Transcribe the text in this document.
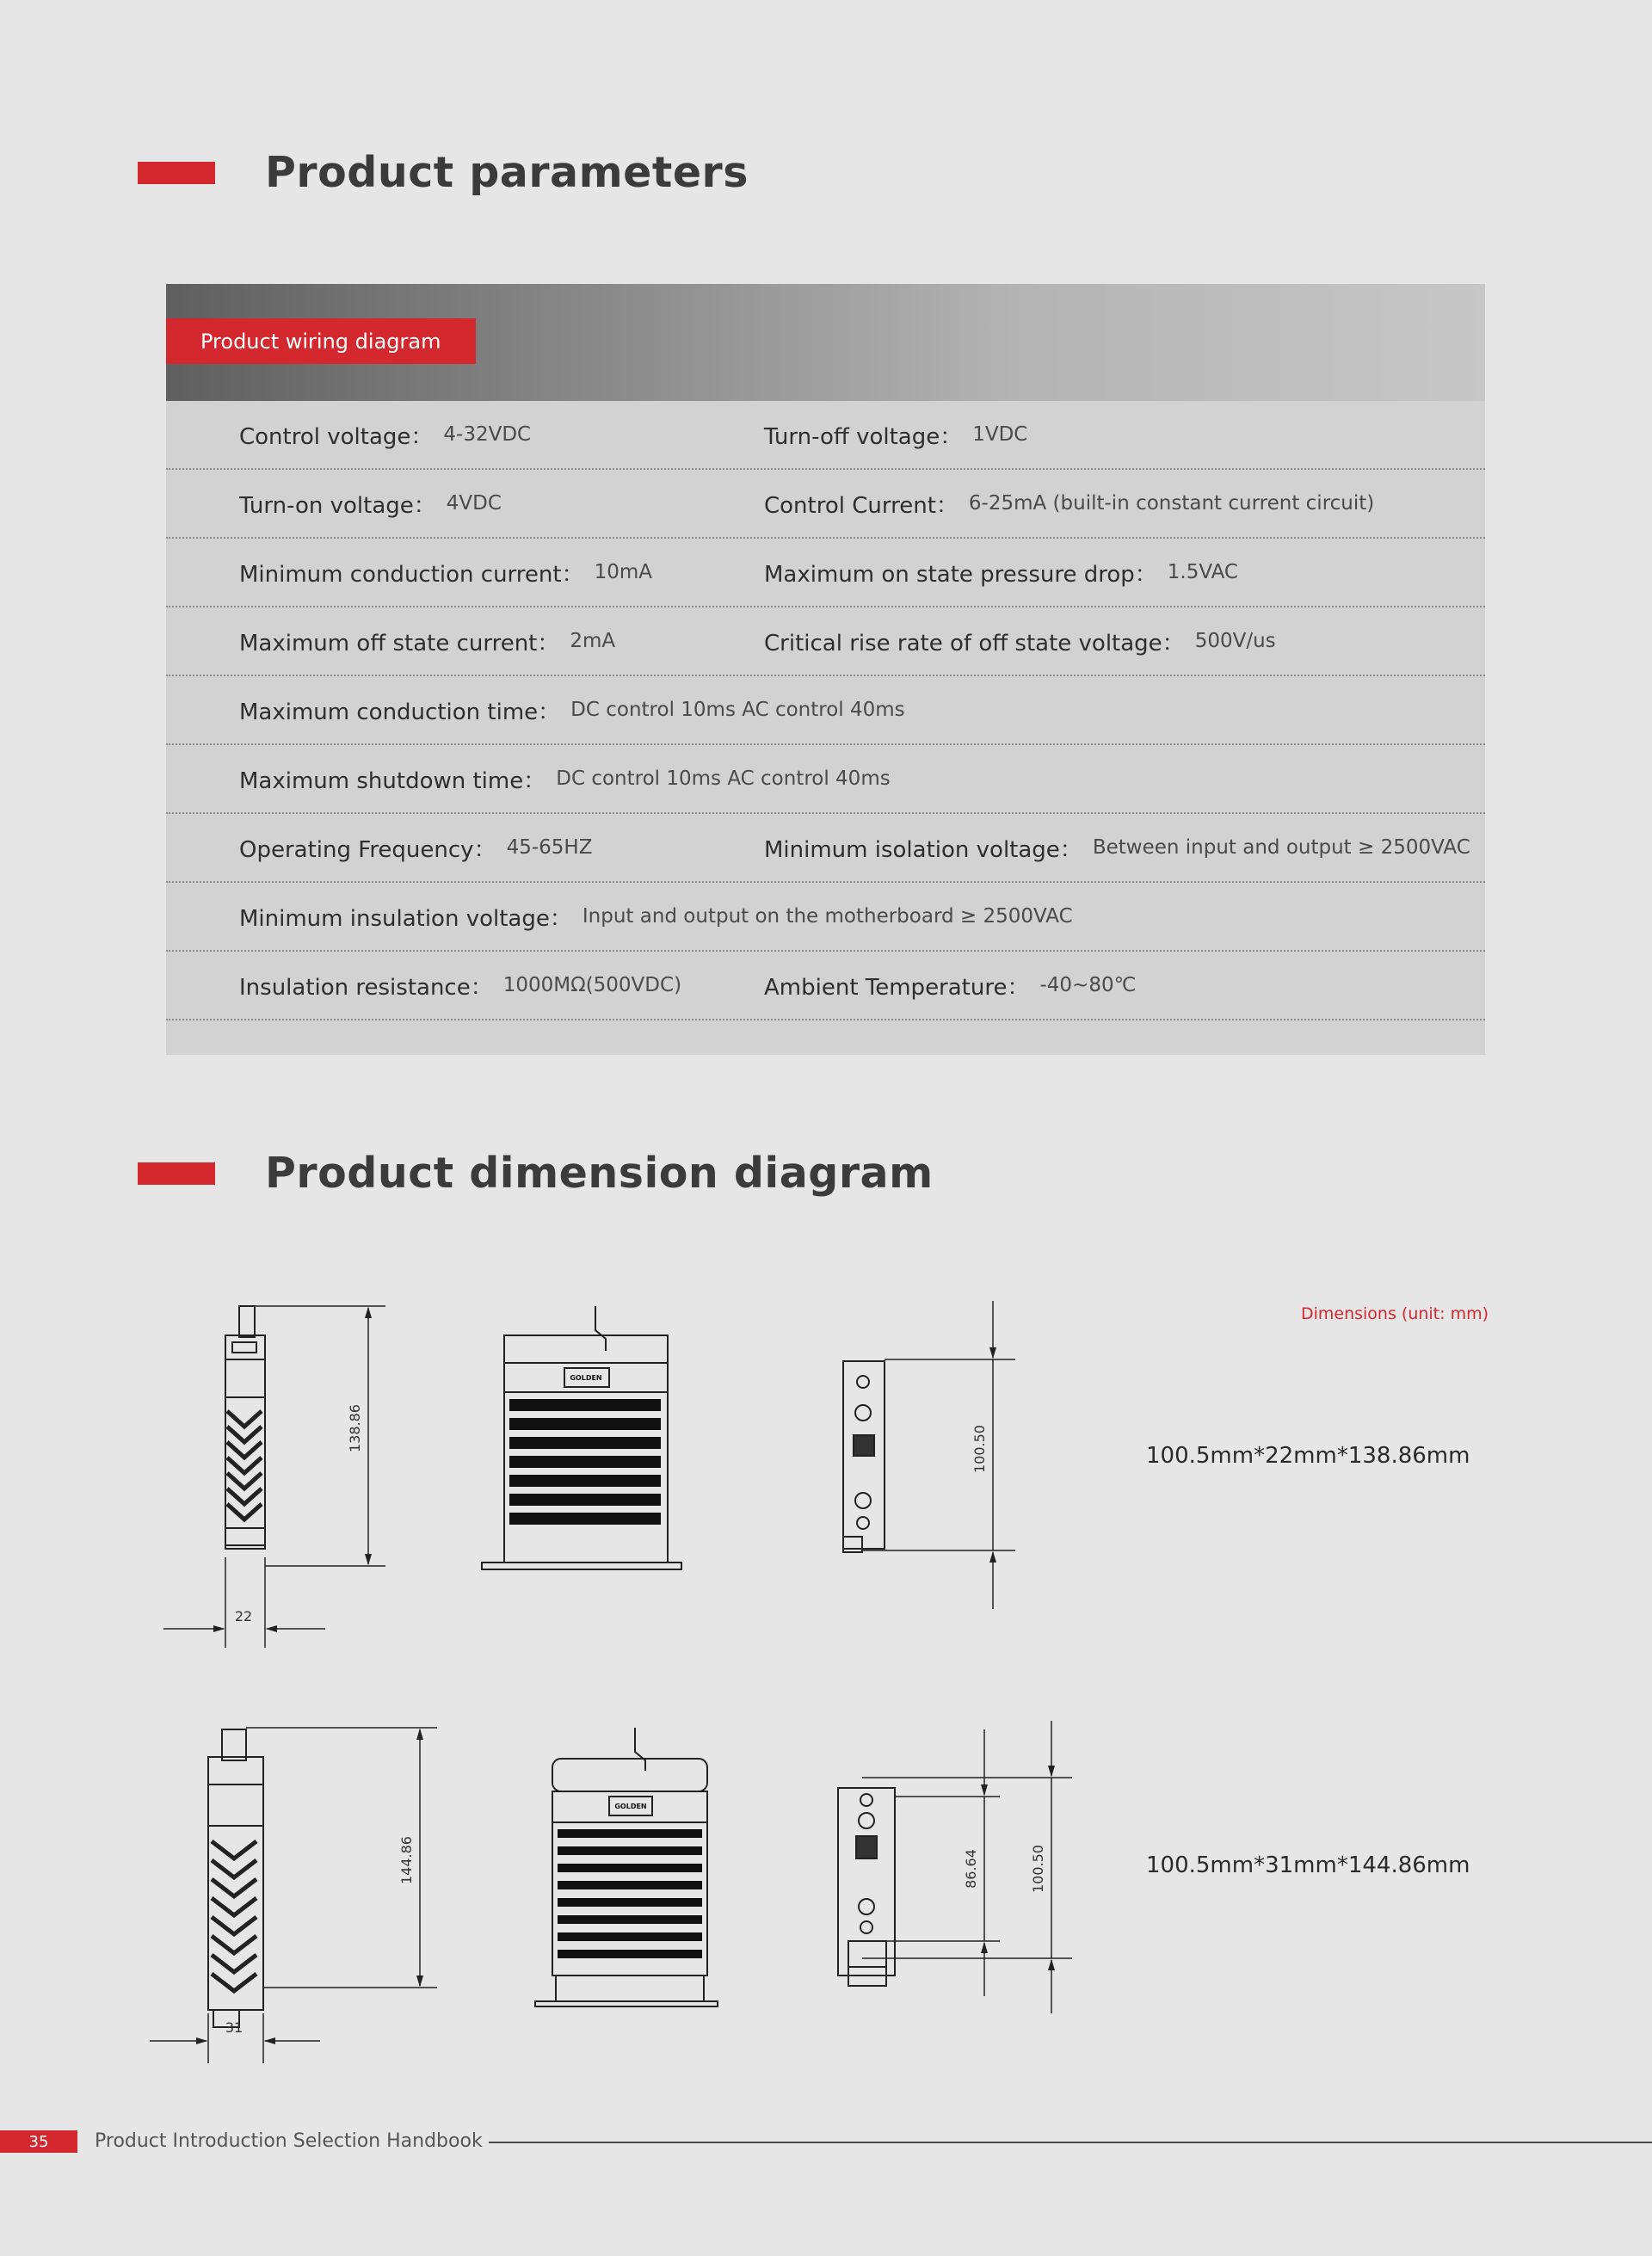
Product parameters
Product wiring diagram
Control voltage： 4-32VDC	Turn-off voltage： 1VDC
Turn-on voltage： 4VDC	Control Current： 6-25mA (built-in constant current circuit)
Minimum conduction current： 10mA	Maximum on state pressure drop： 1.5VAC
Maximum off state current： 2mA	Critical rise rate of off state voltage： 500V/us
Maximum conduction time： DC control 10ms AC control 40ms
Maximum shutdown time： DC control 10ms AC control 40ms
Operating Frequency： 45-65HZ	Minimum isolation voltage： Between input and output ≥ 2500VAC
Minimum insulation voltage： Input and output on the motherboard ≥ 2500VAC
Insulation resistance： 1000MΩ(500VDC)	Ambient Temperature： -40~80℃
Product dimension diagram
Dimensions (unit: mm)
100.5mm*22mm*138.86mm
100.5mm*31mm*144.86mm
138.86
22
100.50
GOLDEN
144.86
31
86.64	100.50
GOLDEN
35	Product Introduction Selection Handbook
